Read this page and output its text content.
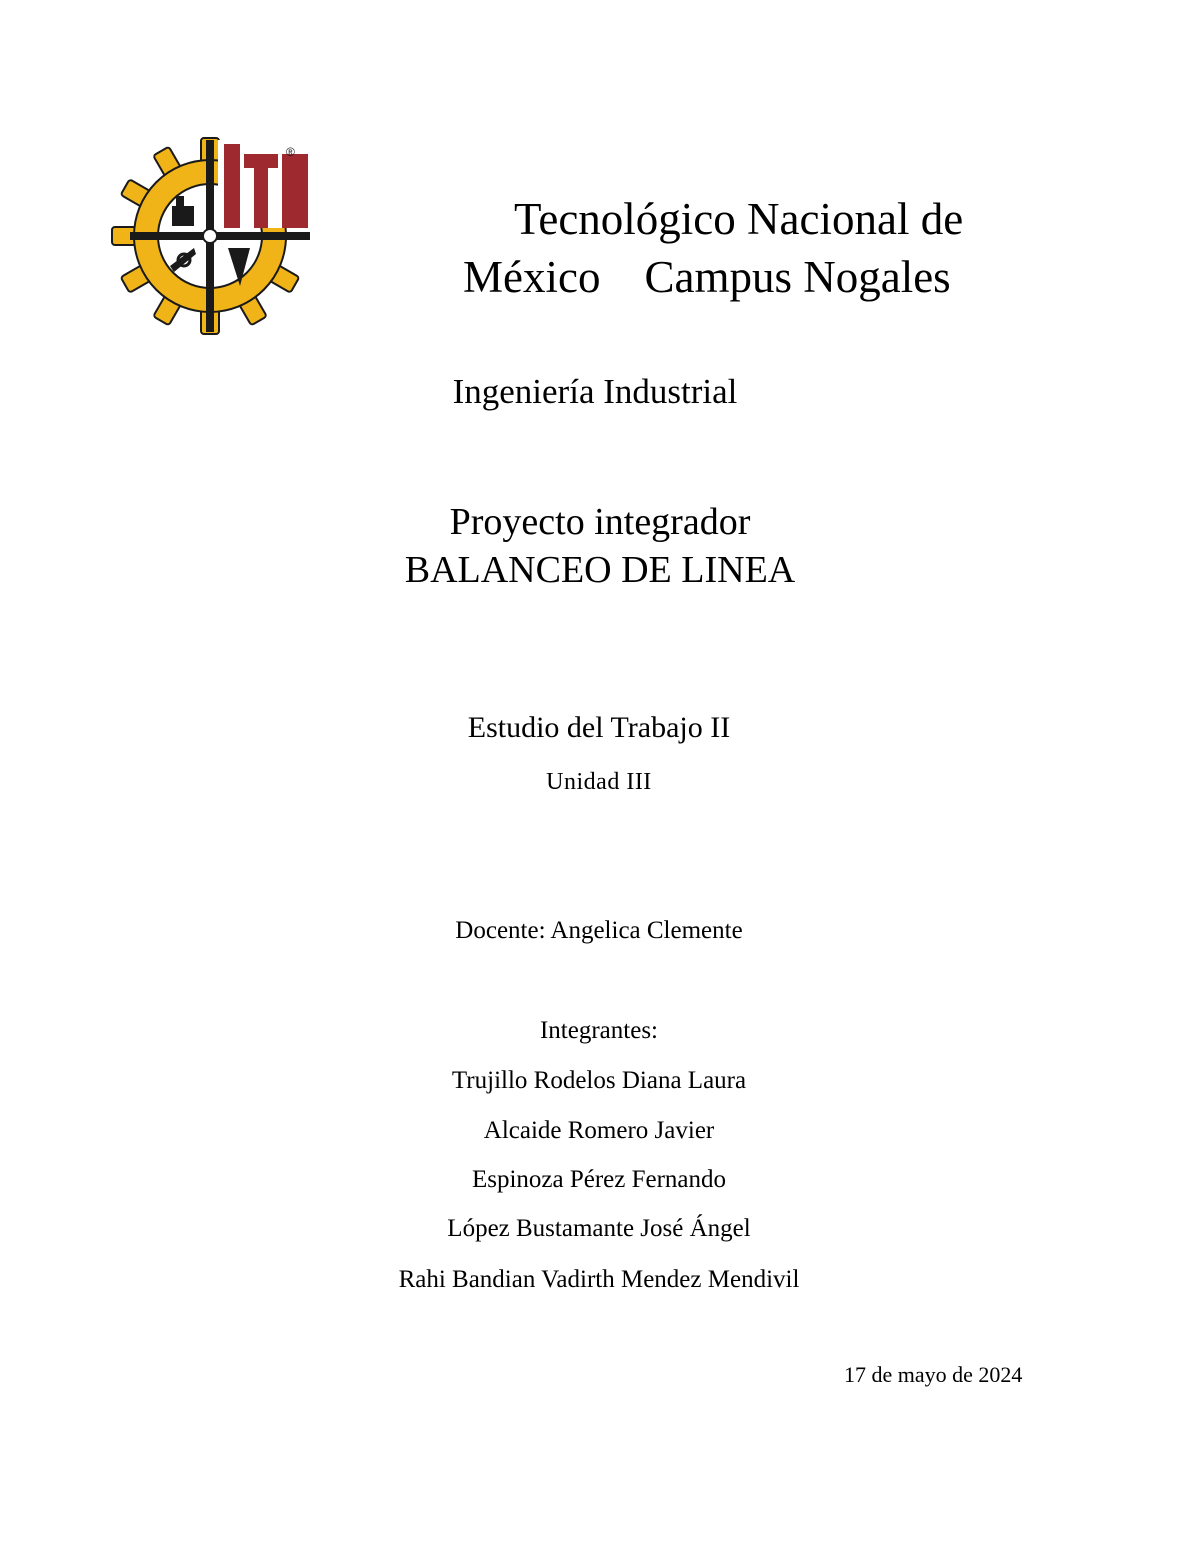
®
Tecnológico Nacional de
México Campus Nogales
Ingeniería Industrial
Proyecto integrador
BALANCEO DE LINEA
Estudio del Trabajo II
Unidad III
Docente: Angelica Clemente
Integrantes:
Trujillo Rodelos Diana Laura
Alcaide Romero Javier
Espinoza Pérez Fernando
López Bustamante José Ángel
Rahi Bandian Vadirth Mendez Mendivil
17 de mayo de 2024
